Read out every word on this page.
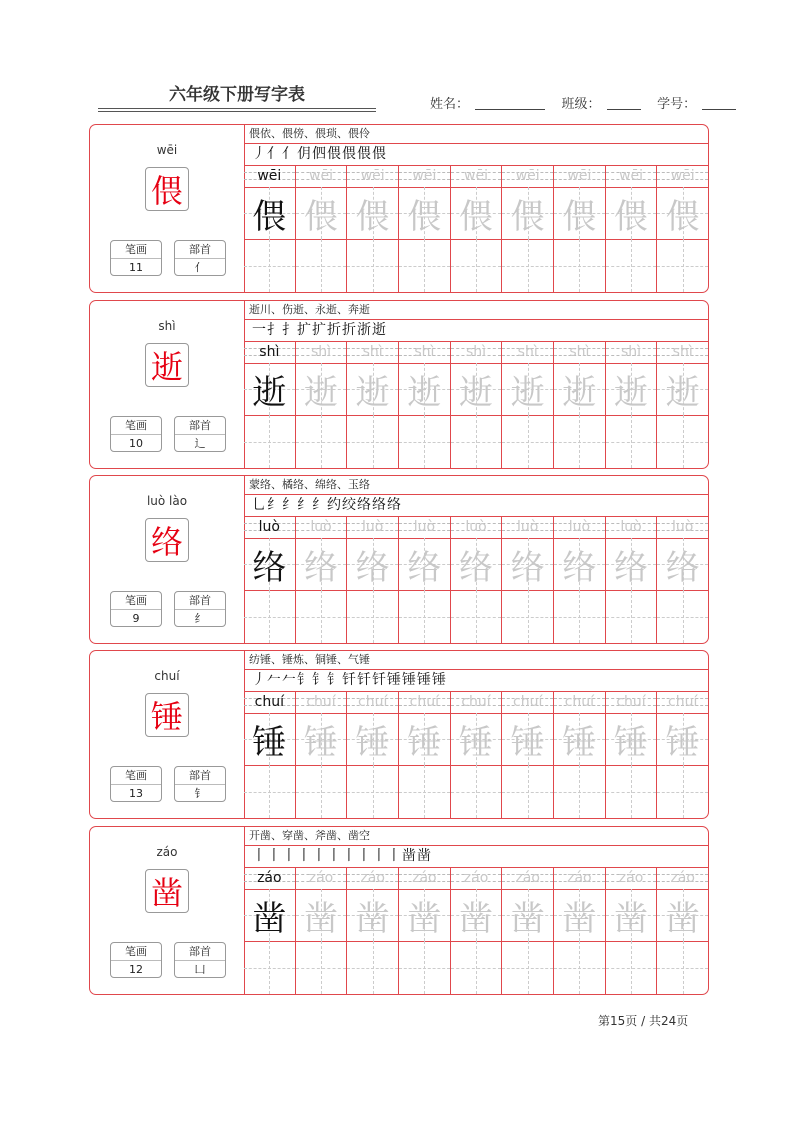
六年级下册写字表	姓名：	班级：	学号：
wēi
偎
笔画
11
部首
亻
偎依、偎傍、偎琐、偎伶
丿亻亻仴伵偎偎偎偎
wēi
偎
wēi
偎
wēi
偎
wēi
偎
wēi
偎
wēi
偎
wēi
偎
wēi
偎
wēi
偎
shì
逝
笔画
10
部首
辶
逝川、伤逝、永逝、奔逝
一扌扌扩扩折折浙逝
shì
逝
shì
逝
shì
逝
shì
逝
shì
逝
shì
逝
shì
逝
shì
逝
shì
逝
luò lào
络
笔画
9
部首
纟
蒙络、橘络、绵络、玉络
乚纟纟纟纟约绞络络络
luò
络
luò
络
luò
络
luò
络
luò
络
luò
络
luò
络
luò
络
luò
络
chuí
锤
笔画
13
部首
钅
纺锤、锤炼、铜锤、气锤
丿𠂉𠂉钅钅钅钎钎钎锤锤锤锤
chuí
锤
chuí
锤
chuí
锤
chuí
锤
chuí
锤
chuí
锤
chuí
锤
chuí
锤
chuí
锤
záo
凿
笔画
12
部首
凵
开凿、穿凿、斧凿、凿空
丨丨丨丨丨丨丨丨丨丨凿凿
záo
凿
záo
凿
záo
凿
záo
凿
záo
凿
záo
凿
záo
凿
záo
凿
záo
凿
第15页 / 共24页
